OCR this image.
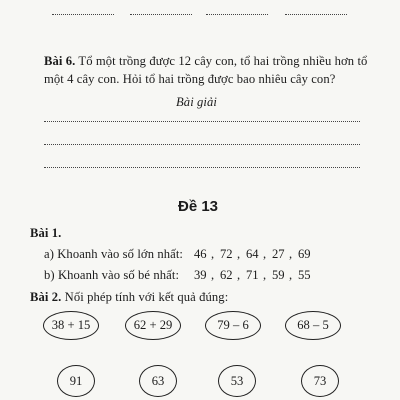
Bài 6. Tổ một trồng được 12 cây con, tổ hai trồng nhiều hơn tổ
một 4 cây con. Hỏi tổ hai trồng được bao nhiêu cây con?
Bài giải
Đề 13
Bài 1.
a) Khoanh vào số lớn nhất: 46 , 72 , 64 , 27 , 69
b) Khoanh vào số bé nhất: 39 , 62 , 71 , 59 , 55
Bài 2. Nối phép tính với kết quả đúng:
38 + 15	62 + 29	79 – 6	68 – 5
91	63	53	73
